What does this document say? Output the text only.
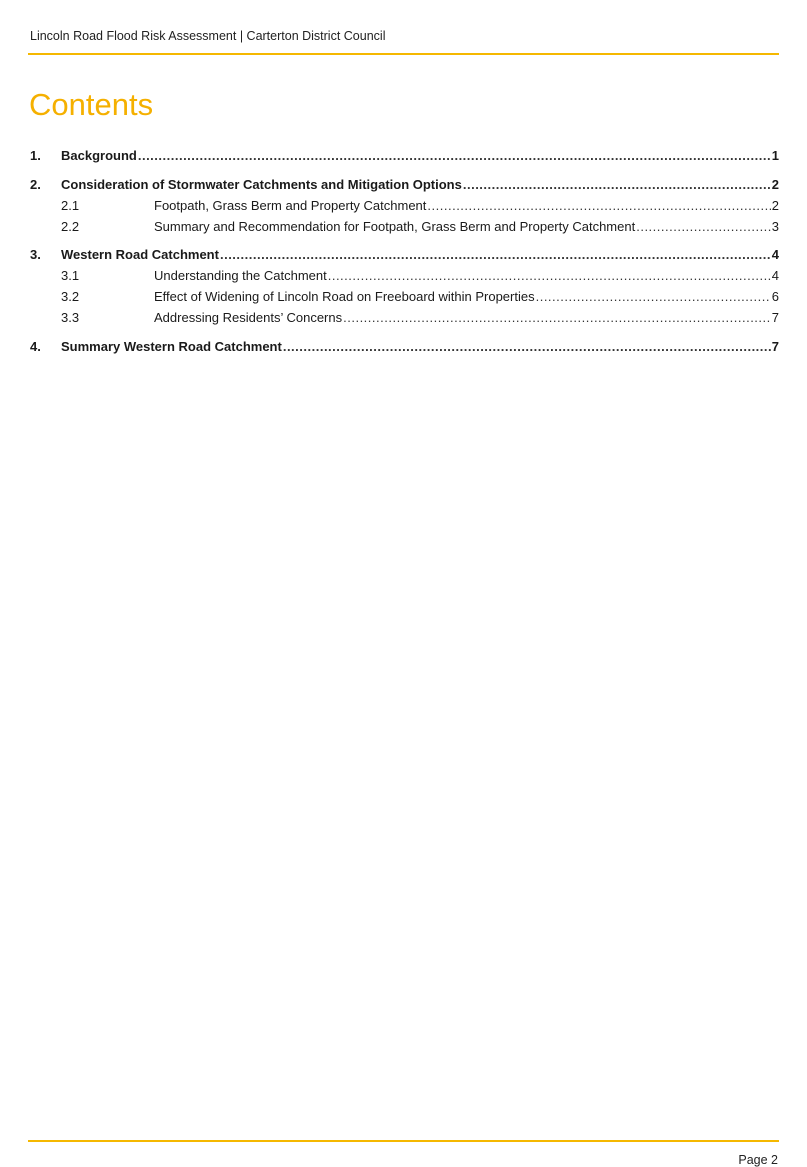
Lincoln Road Flood Risk Assessment | Carterton District Council
Contents
1.	Background .....	1
2.	Consideration of Stormwater Catchments and Mitigation Options .....	2
2.1	Footpath, Grass Berm and Property Catchment .....	2
2.2	Summary and Recommendation for Footpath, Grass Berm and Property Catchment .....	3
3.	Western Road Catchment .....	4
3.1	Understanding the Catchment .....	4
3.2	Effect of Widening of Lincoln Road on Freeboard within Properties .....	6
3.3	Addressing Residents’ Concerns .....	7
4.	Summary Western Road Catchment .....	7
Page 2
